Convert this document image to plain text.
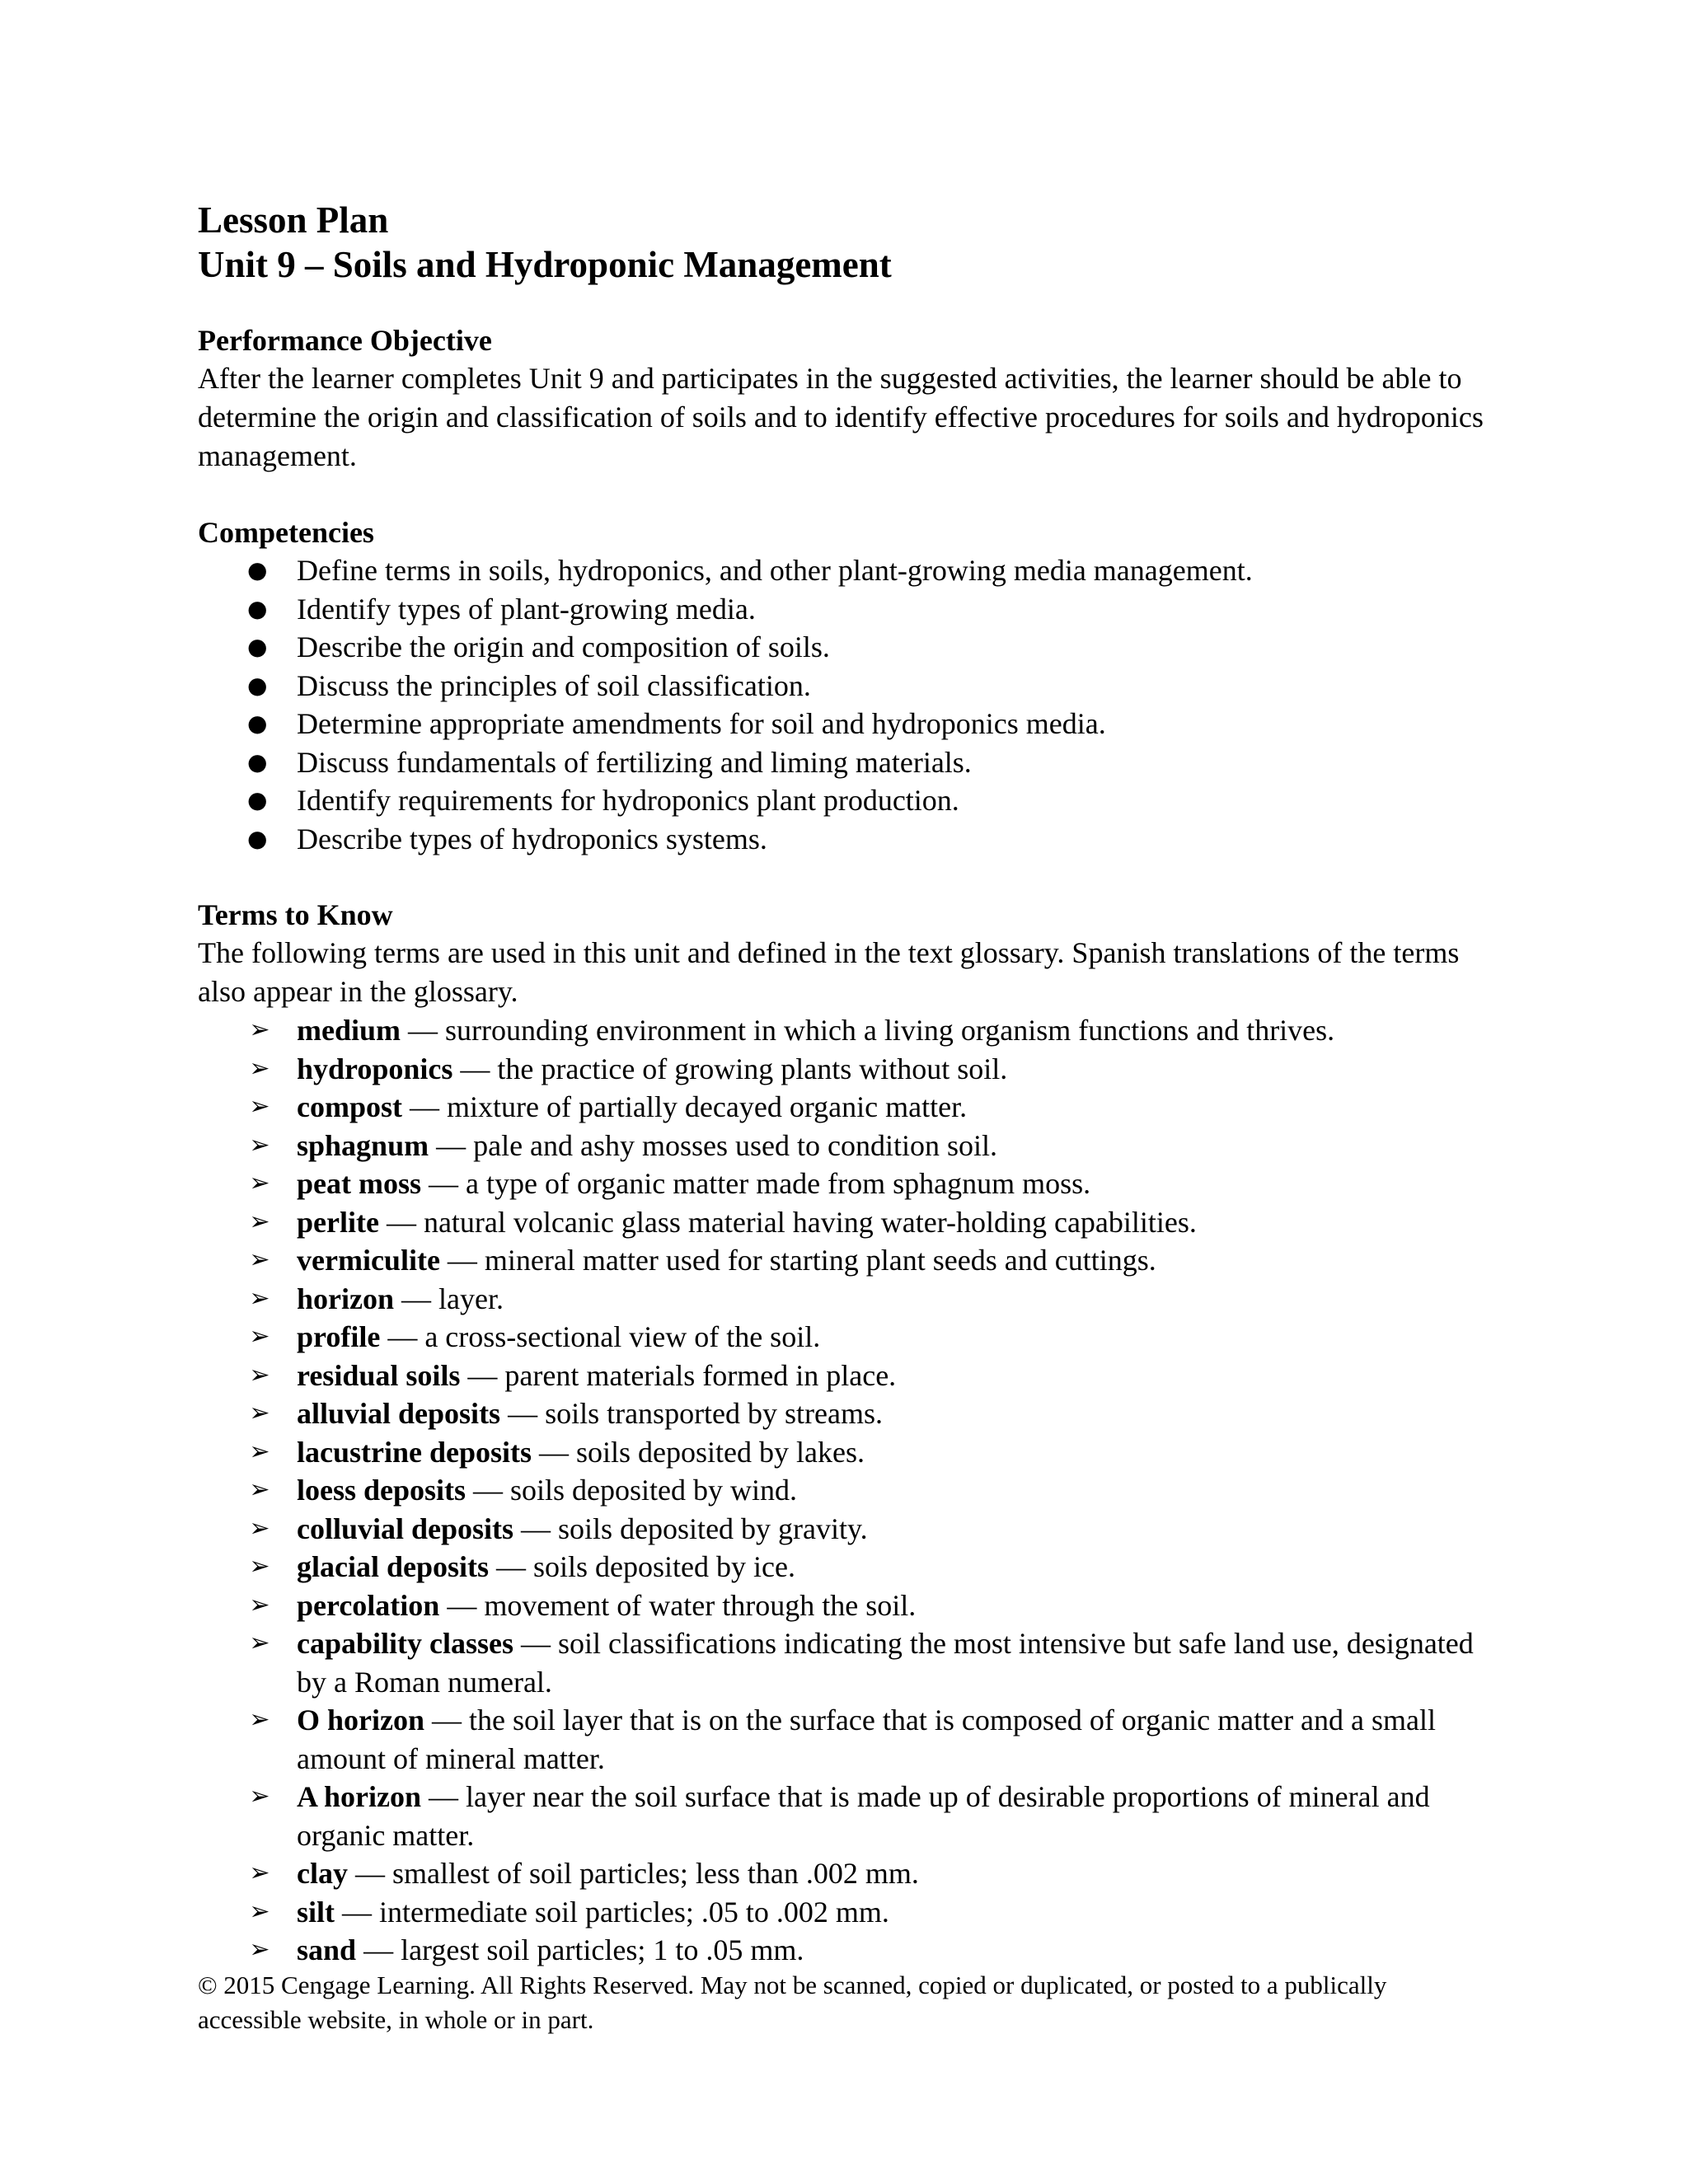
Lesson Plan
Unit 9 – Soils and Hydroponic Management
Performance Objective

After the learner completes Unit 9 and participates in the suggested activities, the learner should be able to determine the origin and classification of soils and to identify effective procedures for soils and hydroponics management.

Competencies
● Define terms in soils, hydroponics, and other plant-growing media management.
● Identify types of plant-growing media.
● Describe the origin and composition of soils.
● Discuss the principles of soil classification.
● Determine appropriate amendments for soil and hydroponics media.
● Discuss fundamentals of fertilizing and liming materials.
● Identify requirements for hydroponics plant production.
● Describe types of hydroponics systems.
Terms to Know

The following terms are used in this unit and defined in the text glossary. Spanish translations of the terms also appear in the glossary.

➢ medium — surrounding environment in which a living organism functions and thrives.
➢ hydroponics — the practice of growing plants without soil.
➢ compost — mixture of partially decayed organic matter.
➢ sphagnum — pale and ashy mosses used to condition soil.
➢ peat moss — a type of organic matter made from sphagnum moss.
➢ perlite — natural volcanic glass material having water-holding capabilities.
➢ vermiculite — mineral matter used for starting plant seeds and cuttings.
➢ horizon — layer.
➢ profile — a cross-sectional view of the soil.
➢ residual soils — parent materials formed in place.
➢ alluvial deposits — soils transported by streams.
➢ lacustrine deposits — soils deposited by lakes.
➢ loess deposits — soils deposited by wind.
➢ colluvial deposits — soils deposited by gravity.
➢ glacial deposits — soils deposited by ice.
➢ percolation — movement of water through the soil.
➢ capability classes — soil classifications indicating the most intensive but safe land use, designated by a Roman numeral.
➢ O horizon — the soil layer that is on the surface that is composed of organic matter and a small amount of mineral matter.
➢ A horizon — layer near the soil surface that is made up of desirable proportions of mineral and organic matter.
➢ clay — smallest of soil particles; less than .002 mm.
➢ silt — intermediate soil particles; .05 to .002 mm.
➢ sand — largest soil particles; 1 to .05 mm.

© 2015 Cengage Learning. All Rights Reserved. May not be scanned, copied or duplicated, or posted to a publically accessible website, in whole or in part.
